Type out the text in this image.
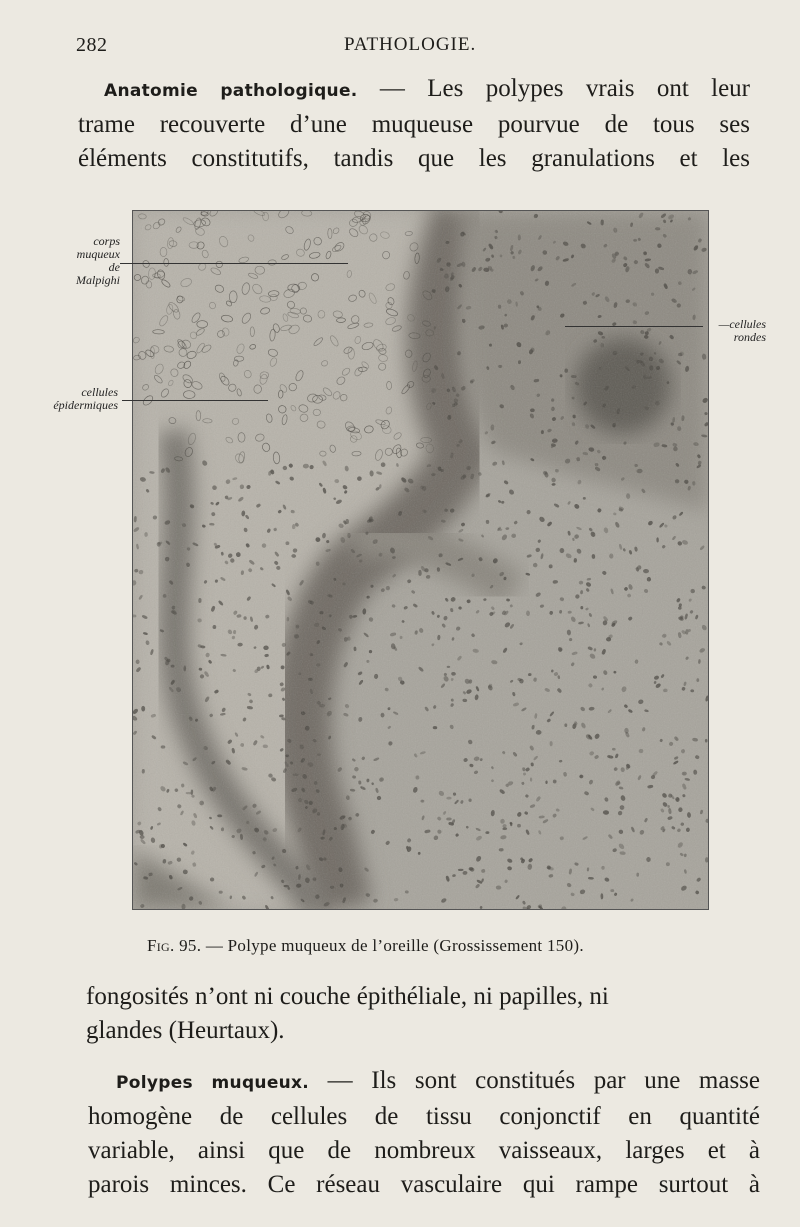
282	PATHOLOGIE.
Anatomie pathologique. — Les polypes vrais ont leur
trame recouverte d’une muqueuse pourvue de tous ses
éléments constitutifs, tandis que les granulations et les
corps
muqueux
de
Malpighi
cellules
épidermiques
—cellules
rondes
Fig. 95. — Polype muqueux de l’oreille (Grossissement 150).
fongosités n’ont ni couche épithéliale, ni papilles, ni
glandes (Heurtaux).
Polypes muqueux. — Ils sont constitués par une masse
homogène de cellules de tissu conjonctif en quantité
variable, ainsi que de nombreux vaisseaux, larges et à
parois minces. Ce réseau vasculaire qui rampe surtout à
